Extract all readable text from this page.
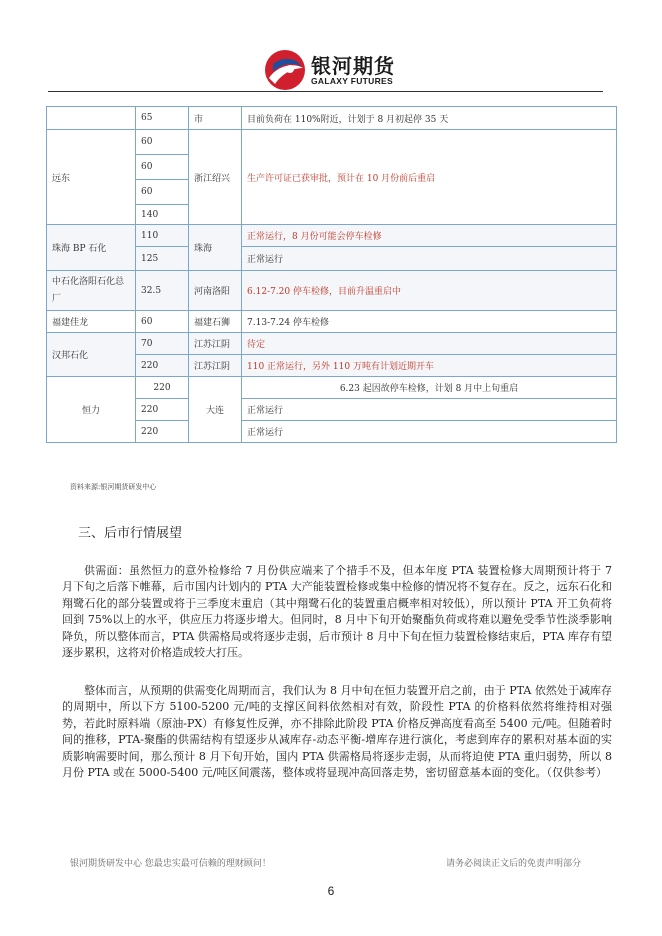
银河期货
GALAXY FUTURES
	65	市	目前负荷在 110%附近，计划于 8 月初起停 35 天
远东	60	浙江绍兴	生产许可证已获审批，预计在 10 月份前后重启
	60		
	60		
	140		
珠海 BP 石化	110	珠海	正常运行，8 月份可能会停车检修
	125		正常运行
中石化洛阳石化总厂	32.5	河南洛阳	6.12-7.20 停车检修，目前升温重启中
福建佳龙	60	福建石狮	7.13-7.24 停车检修
汉邦石化	70	江苏江阴	待定
	220	江苏江阴	110 正常运行，另外 110 万吨有计划近期开车
恒力	220	大连	6.23 起因故停车检修，计划 8 月中上旬重启
	220		正常运行
	220		正常运行
资料来源:银河期货研发中心
三、后市行情展望

供需面：虽然恒力的意外检修给 7 月份供应端来了个措手不及，但本年度 PTA 装置检修大周期预计将于 7 月下旬之后落下帷幕，后市国内计划内的 PTA 大产能装置检修或集中检修的情况将不复存在。反之，远东石化和翔鹭石化的部分装置或将于三季度末重启（其中翔鹭石化的装置重启概率相对较低），所以预计 PTA 开工负荷将回到 75%以上的水平，供应压力将逐步增大。但同时，8 月中下旬开始聚酯负荷或将难以避免受季节性淡季影响降负，所以整体而言，PTA 供需格局或将逐步走弱，后市预计 8 月中下旬在恒力装置检修结束后，PTA 库存有望逐步累积，这将对价格造成较大打压。

整体而言，从预期的供需变化周期而言，我们认为 8 月中旬在恒力装置开启之前，由于 PTA 依然处于减库存的周期中，所以下方 5100-5200 元/吨的支撑区间料依然相对有效，阶段性 PTA 的价格料依然将维持相对强势，若此时原料端（原油-PX）有修复性反弹，亦不排除此阶段 PTA 价格反弹高度看高至 5400 元/吨。但随着时间的推移，PTA-聚酯的供需结构有望逐步从减库存-动态平衡-增库存进行演化，考虑到库存的累积对基本面的实质影响需要时间，那么预计 8 月下旬开始，国内 PTA 供需格局将逐步走弱，从而将迫使 PTA 重归弱势，所以 8 月份 PTA 或在 5000-5400 元/吨区间震荡，整体或将显现冲高回落走势，密切留意基本面的变化。（仅供参考）

银河期货研发中心 您最忠实最可信赖的理财顾问！	请务必阅读正文后的免责声明部分
6
